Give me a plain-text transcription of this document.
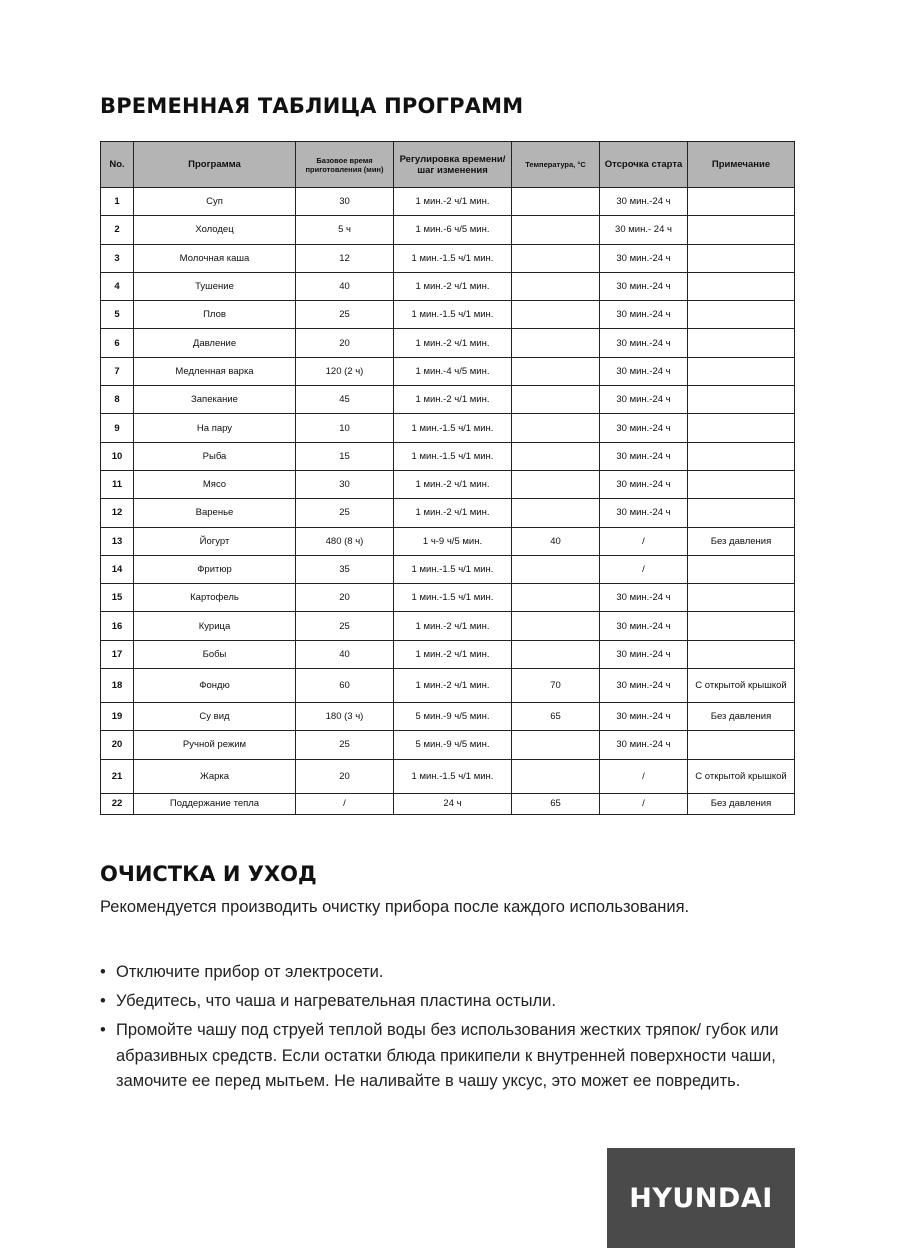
ВРЕМЕННАЯ ТАБЛИЦА ПРОГРАММ
No.	Программа	Базовое время приготовления (мин)	Регулировка времени/шаг изменения	Температура, °С	Отсрочка старта	Примечание
1	Суп	30	1 мин.-2 ч/1 мин.		30 мин.-24 ч	
2	Холодец	5 ч	1 мин.-6 ч/5 мин.		30 мин.- 24 ч	
3	Молочная каша	12	1 мин.-1.5 ч/1 мин.		30 мин.-24 ч	
4	Тушение	40	1 мин.-2 ч/1 мин.		30 мин.-24 ч	
5	Плов	25	1 мин.-1.5 ч/1 мин.		30 мин.-24 ч	
6	Давление	20	1 мин.-2 ч/1 мин.		30 мин.-24 ч	
7	Медленная варка	120 (2 ч)	1 мин.-4 ч/5 мин.		30 мин.-24 ч	
8	Запекание	45	1 мин.-2 ч/1 мин.		30 мин.-24 ч	
9	На пару	10	1 мин.-1.5 ч/1 мин.		30 мин.-24 ч	
10	Рыба	15	1 мин.-1.5 ч/1 мин.		30 мин.-24 ч	
11	Мясо	30	1 мин.-2 ч/1 мин.		30 мин.-24 ч	
12	Варенье	25	1 мин.-2 ч/1 мин.		30 мин.-24 ч	
13	Йогурт	480 (8 ч)	1 ч-9 ч/5 мин.	40	/	Без давления
14	Фритюр	35	1 мин.-1.5 ч/1 мин.		/	
15	Картофель	20	1 мин.-1.5 ч/1 мин.		30 мин.-24 ч	
16	Курица	25	1 мин.-2 ч/1 мин.		30 мин.-24 ч	
17	Бобы	40	1 мин.-2 ч/1 мин.		30 мин.-24 ч	
18	Фондю	60	1 мин.-2 ч/1 мин.	70	30 мин.-24 ч	С открытой крышкой
19	Су вид	180 (3 ч)	5 мин.-9 ч/5 мин.	65	30 мин.-24 ч	Без давления
20	Ручной режим	25	5 мин.-9 ч/5 мин.		30 мин.-24 ч	
21	Жарка	20	1 мин.-1.5 ч/1 мин.		/	С открытой крышкой
22	Поддержание тепла	/	24 ч	65	/	Без давления
ОЧИСТКА И УХОД

Рекомендуется производить очистку прибора после каждого использования.

• Отключите прибор от электросети.
• Убедитесь, что чаша и нагревательная пластина остыли.
• Промойте чашу под струей теплой воды без использования жестких тряпок/ губок или абразивных средств. Если остатки блюда прикипели к внутренней поверхности чаши, замочите ее перед мытьем. Не наливайте в чашу уксус, это может ее повредить.
HYUNDAI
